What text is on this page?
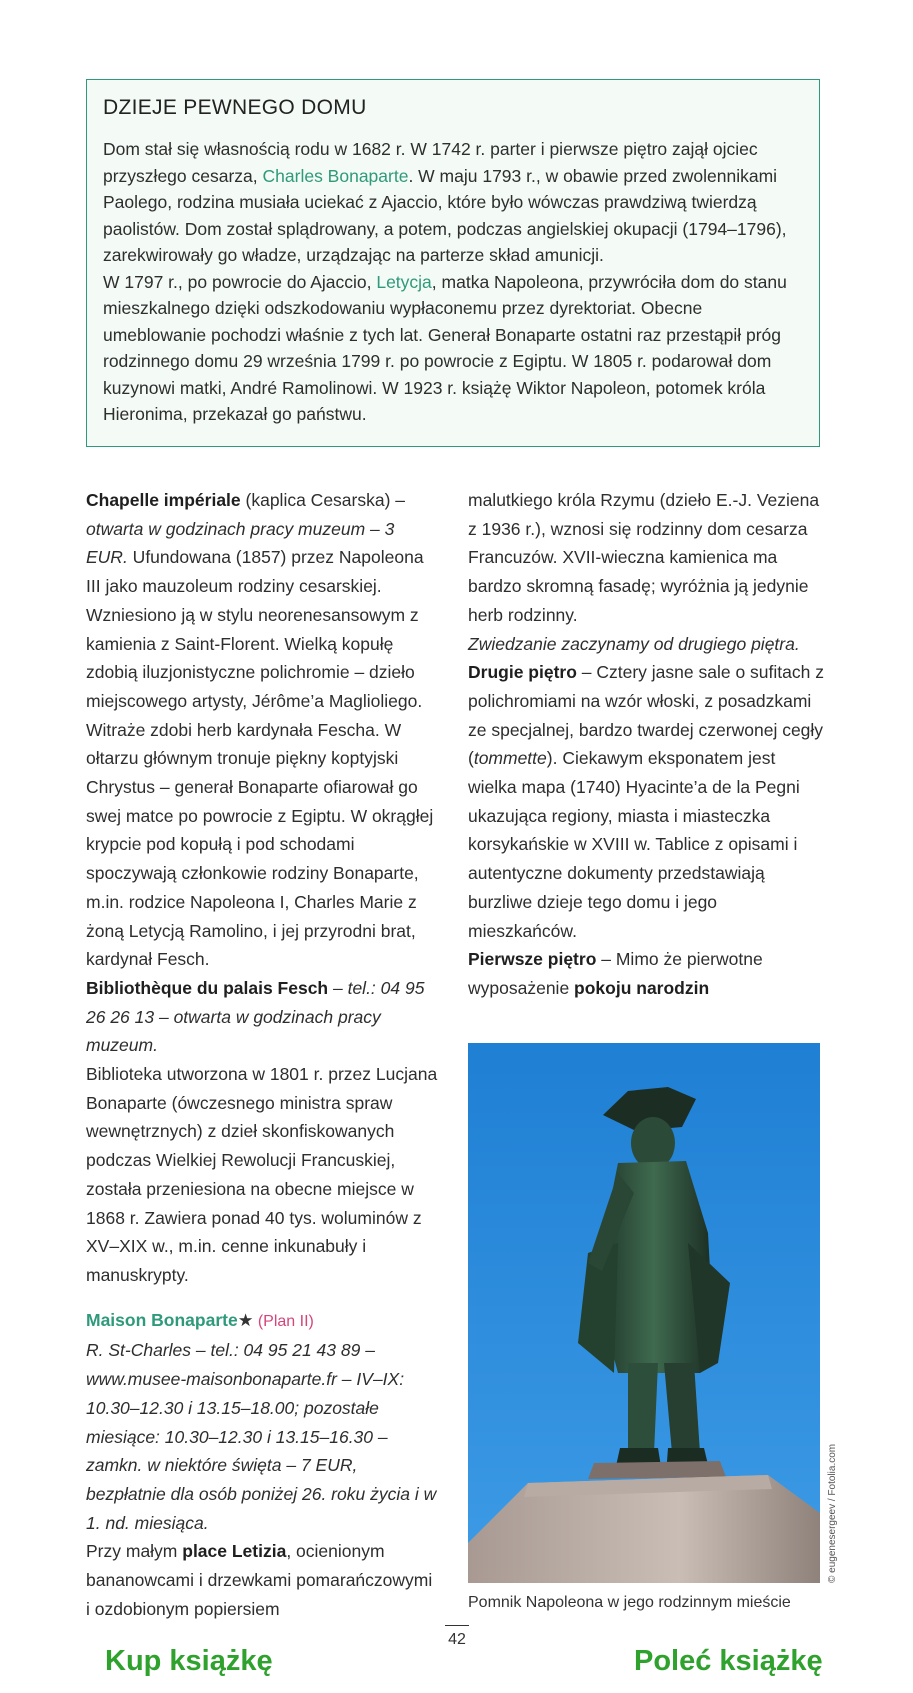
DZIEJE PEWNEGO DOMU

Dom stał się własnością rodu w 1682 r. W 1742 r. parter i pierwsze piętro zajął ojciec przyszłego cesarza, Charles Bonaparte. W maju 1793 r., w obawie przed zwolennikami Paolego, rodzina musiała uciekać z Ajaccio, które było wówczas prawdziwą twierdzą paolistów. Dom został splądrowany, a potem, podczas angielskiej okupacji (1794–1796), zarekwirowały go władze, urządzając na parterze skład amunicji.
W 1797 r., po powrocie do Ajaccio, Letycja, matka Napoleona, przywróciła dom do stanu mieszkalnego dzięki odszkodowaniu wypłaconemu przez dyrektoriat. Obecne umeblowanie pochodzi właśnie z tych lat. Generał Bonaparte ostatni raz przestąpił próg rodzinnego domu 29 września 1799 r. po powrocie z Egiptu. W 1805 r. podarował dom kuzynowi matki, André Ramolinowi. W 1923 r. książę Wiktor Napoleon, potomek króla Hieronima, przekazał go państwu.

Chapelle impériale (kaplica Cesarska) – otwarta w godzinach pracy muzeum – 3 EUR. Ufundowana (1857) przez Napoleona III jako mauzoleum rodziny cesarskiej. Wzniesiono ją w stylu neorenesansowym z kamienia z Saint-Florent. Wielką kopułę zdobią iluzjonistyczne polichromie – dzieło miejscowego artysty, Jérôme’a Maglioliego. Witraże zdobi herb kardynała Fescha. W ołtarzu głównym tronuje piękny koptyjski Chrystus – generał Bonaparte ofiarował go swej matce po powrocie z Egiptu. W okrągłej krypcie pod kopułą i pod schodami spoczywają członkowie rodziny Bonaparte, m.in. rodzice Napoleona I, Charles Marie z żoną Letycją Ramolino, i jej przyrodni brat, kardynał Fesch.

Bibliothèque du palais Fesch – tel.: 04 95 26 26 13 – otwarta w godzinach pracy muzeum.

Biblioteka utworzona w 1801 r. przez Lucjana Bonaparte (ówczesnego ministra spraw wewnętrznych) z dzieł skonfiskowanych podczas Wielkiej Rewolucji Francuskiej, została przeniesiona na obecne miejsce w 1868 r. Zawiera ponad 40 tys. woluminów z XV–XIX w., m.in. cenne inkunabuły i manuskrypty.

Maison Bonaparte★ (Plan II)

R. St-Charles – tel.: 04 95 21 43 89 – www.musee-maisonbonaparte.fr – IV–IX: 10.30–12.30 i 13.15–18.00; pozostałe miesiące: 10.30–12.30 i 13.15–16.30 – zamkn. w niektóre święta – 7 EUR, bezpłatnie dla osób poniżej 26. roku życia i w 1. nd. miesiąca.

Przy małym place Letizia, ocienionym bananowcami i drzewkami pomarańczowymi i ozdobionym popiersiem

malutkiego króla Rzymu (dzieło E.-J. Veziena z 1936 r.), wznosi się rodzinny dom cesarza Francuzów. XVII-wieczna kamienica ma bardzo skromną fasadę; wyróżnia ją jedynie herb rodzinny.

Zwiedzanie zaczynamy od drugiego piętra.

Drugie piętro – Cztery jasne sale o sufitach z polichromiami na wzór włoski, z posadzkami ze specjalnej, bardzo twardej czerwonej cegły (tommette). Ciekawym eksponatem jest wielka mapa (1740) Hyacinte’a de la Pegni ukazująca regiony, miasta i miasteczka korsykańskie w XVIII w. Tablice z opisami i autentyczne dokumenty przedstawiają burzliwe dzieje tego domu i jego mieszkańców.

Pierwsze piętro – Mimo że pierwotne wyposażenie pokoju narodzin

Pomnik Napoleona w jego rodzinnym mieście
© eugenesergeev / Fotolia.com
42
Kup książkę	Poleć książkę
